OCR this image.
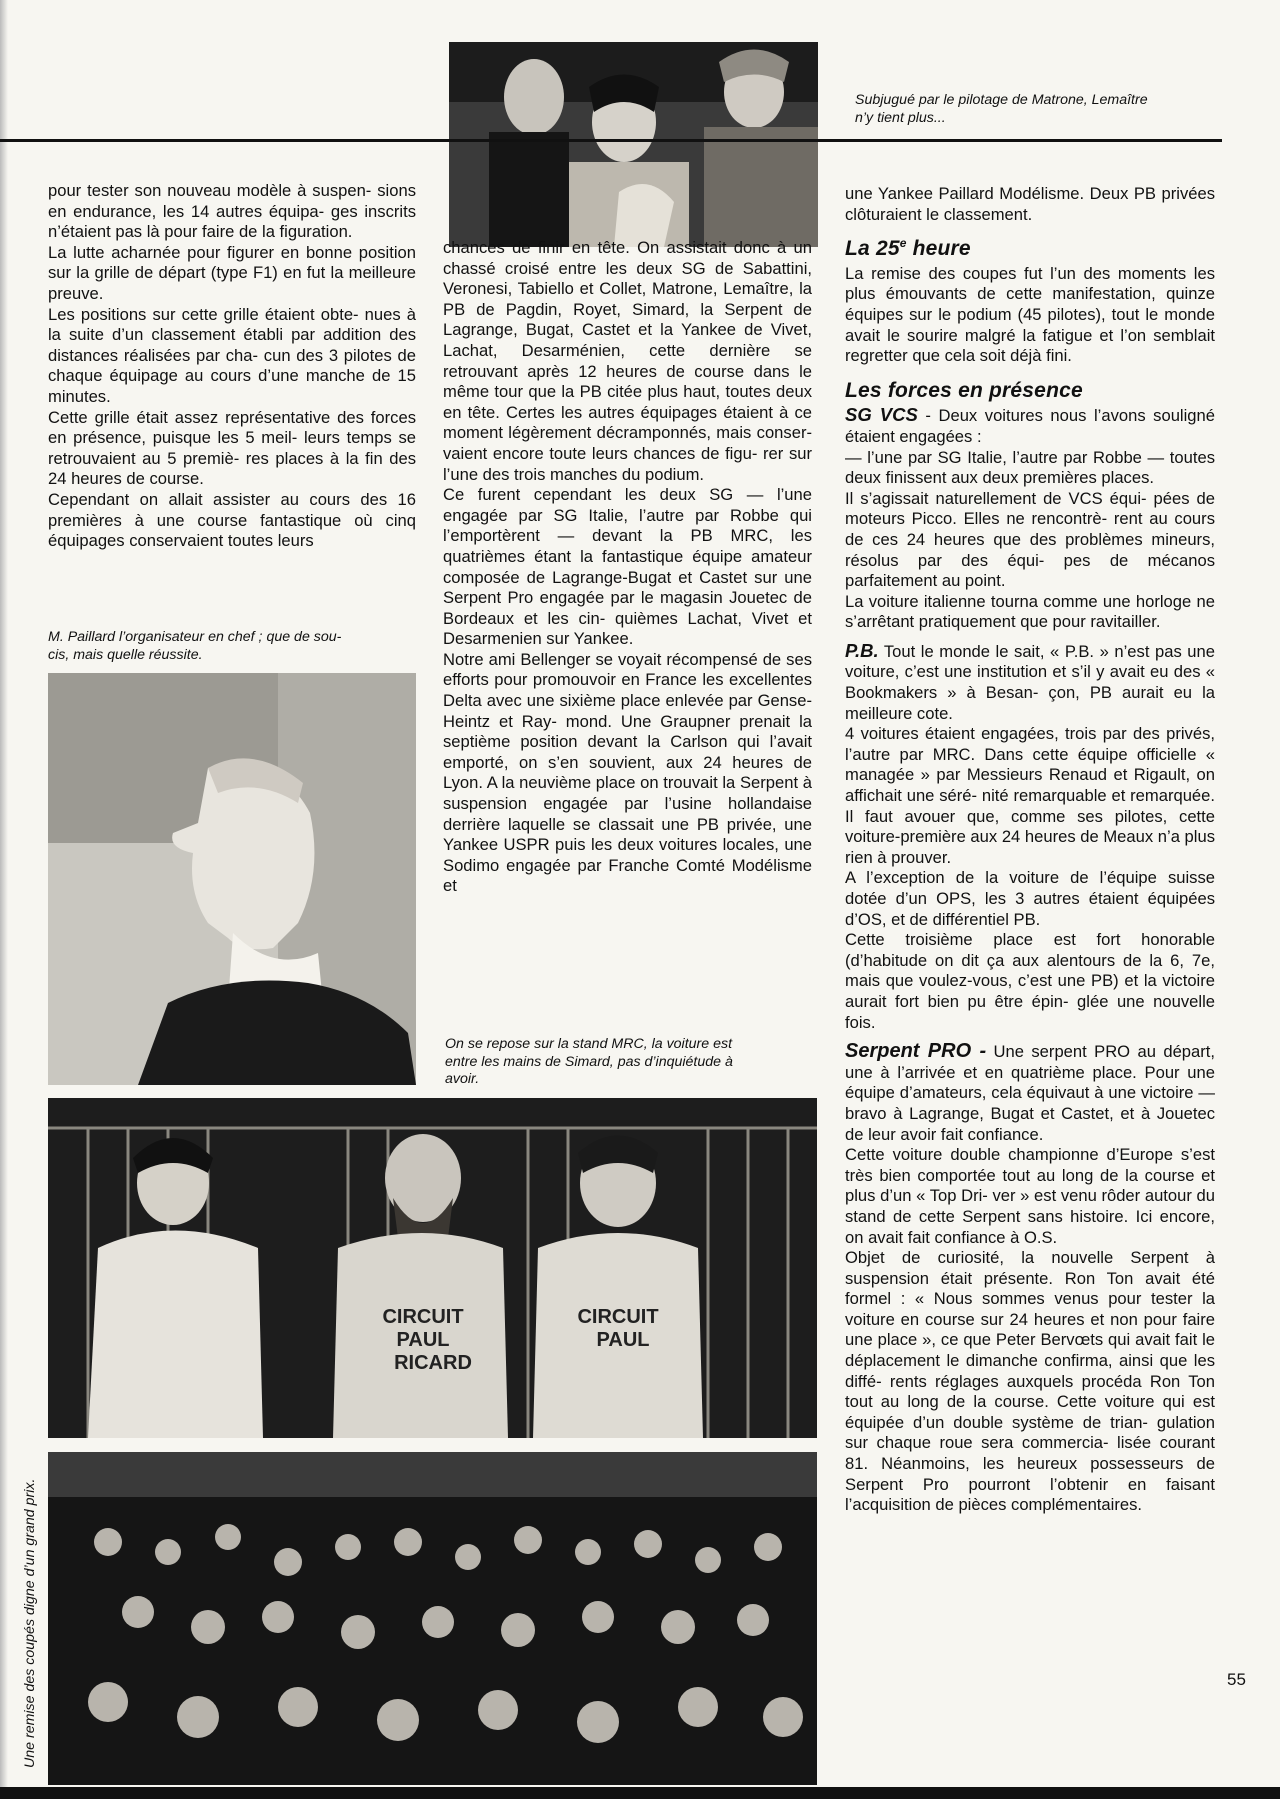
Subjugué par le pilotage de Matrone, Lemaître
n’y tient plus...

pour tester son nouveau modèle à suspen- sions en endurance, les 14 autres équipa- ges inscrits n’étaient pas là pour faire de la figuration.

La lutte acharnée pour figurer en bonne position sur la grille de départ (type F1) en fut la meilleure preuve.

Les positions sur cette grille étaient obte- nues à la suite d’un classement établi par addition des distances réalisées par cha- cun des 3 pilotes de chaque équipage au cours d’une manche de 15 minutes.

Cette grille était assez représentative des forces en présence, puisque les 5 meil- leurs temps se retrouvaient au 5 premiè- res places à la fin des 24 heures de course.

Cependant on allait assister au cours des 16 premières à une course fantastique où cinq équipages conservaient toutes leurs

M. Paillard l’organisateur en chef ; que de sou-
cis, mais quelle réussite.

chances de finir en tête. On assistait donc à un chassé croisé entre les deux SG de Sabattini, Veronesi, Tabiello et Collet, Matrone, Lemaître, la PB de Pagdin, Royet, Simard, la Serpent de Lagrange, Bugat, Castet et la Yankee de Vivet, Lachat, Desarménien, cette dernière se retrouvant après 12 heures de course dans le même tour que la PB citée plus haut, toutes deux en tête. Certes les autres équipages étaient à ce moment légèrement décramponnés, mais conser- vaient encore toute leurs chances de figu- rer sur l’une des trois manches du podium.

Ce furent cependant les deux SG — l’une engagée par SG Italie, l’autre par Robbe qui l’emportèrent — devant la PB MRC, les quatrièmes étant la fantastique équipe amateur composée de Lagrange-Bugat et Castet sur une Serpent Pro engagée par le magasin Jouetec de Bordeaux et les cin- quièmes Lachat, Vivet et Desarmenien sur Yankee.

Notre ami Bellenger se voyait récompensé de ses efforts pour promouvoir en France les excellentes Delta avec une sixième place enlevée par Gense-Heintz et Ray- mond. Une Graupner prenait la septième position devant la Carlson qui l’avait emporté, on s’en souvient, aux 24 heures de Lyon. A la neuvième place on trouvait la Serpent à suspension engagée par l’usine hollandaise derrière laquelle se classait une PB privée, une Yankee USPR puis les deux voitures locales, une Sodimo engagée par Franche Comté Modélisme et

On se repose sur la stand MRC, la voiture est
entre les mains de Simard, pas d’inquiétude à
avoir.
CIRCUIT
PAUL
RICARD
CIRCUIT
PAUL
Une remise des coupés digne d’un grand prix.

une Yankee Paillard Modélisme. Deux PB privées clôturaient le classement.

La 25e heure

La remise des coupes fut l’un des moments les plus émouvants de cette manifestation, quinze équipes sur le podium (45 pilotes), tout le monde avait le sourire malgré la fatigue et l’on semblait regretter que cela soit déjà fini.

Les forces en présence

SG VCS - Deux voitures nous l’avons souligné étaient engagées :

— l’une par SG Italie, l’autre par Robbe — toutes deux finissent aux deux premières places.

Il s’agissait naturellement de VCS équi- pées de moteurs Picco. Elles ne rencontrè- rent au cours de ces 24 heures que des problèmes mineurs, résolus par des équi- pes de mécanos parfaitement au point.

La voiture italienne tourna comme une horloge ne s’arrêtant pratiquement que pour ravitailler.

P.B. Tout le monde le sait, « P.B. » n’est pas une voiture, c’est une institution et s’il y avait eu des « Bookmakers » à Besan- çon, PB aurait eu la meilleure cote.

4 voitures étaient engagées, trois par des privés, l’autre par MRC. Dans cette équipe officielle « managée » par Messieurs Renaud et Rigault, on affichait une séré- nité remarquable et remarquée. Il faut avouer que, comme ses pilotes, cette voiture-première aux 24 heures de Meaux n’a plus rien à prouver.

A l’exception de la voiture de l’équipe suisse dotée d’un OPS, les 3 autres étaient équipées d’OS, et de différentiel PB.

Cette troisième place est fort honorable (d’habitude on dit ça aux alentours de la 6, 7e, mais que voulez-vous, c’est une PB) et la victoire aurait fort bien pu être épin- glée une nouvelle fois.

Serpent PRO - Une serpent PRO au départ, une à l’arrivée et en quatrième place. Pour une équipe d’amateurs, cela équivaut à une victoire — bravo à Lagrange, Bugat et Castet, et à Jouetec de leur avoir fait confiance.

Cette voiture double championne d’Europe s’est très bien comportée tout au long de la course et plus d’un « Top Dri- ver » est venu rôder autour du stand de cette Serpent sans histoire. Ici encore, on avait fait confiance à O.S.

Objet de curiosité, la nouvelle Serpent à suspension était présente. Ron Ton avait été formel : « Nous sommes venus pour tester la voiture en course sur 24 heures et non pour faire une place », ce que Peter Bervœts qui avait fait le déplacement le dimanche confirma, ainsi que les diffé- rents réglages auxquels procéda Ron Ton tout au long de la course. Cette voiture qui est équipée d’un double système de trian- gulation sur chaque roue sera commercia- lisée courant 81. Néanmoins, les heureux possesseurs de Serpent Pro pourront l’obtenir en faisant l’acquisition de pièces complémentaires.

55
